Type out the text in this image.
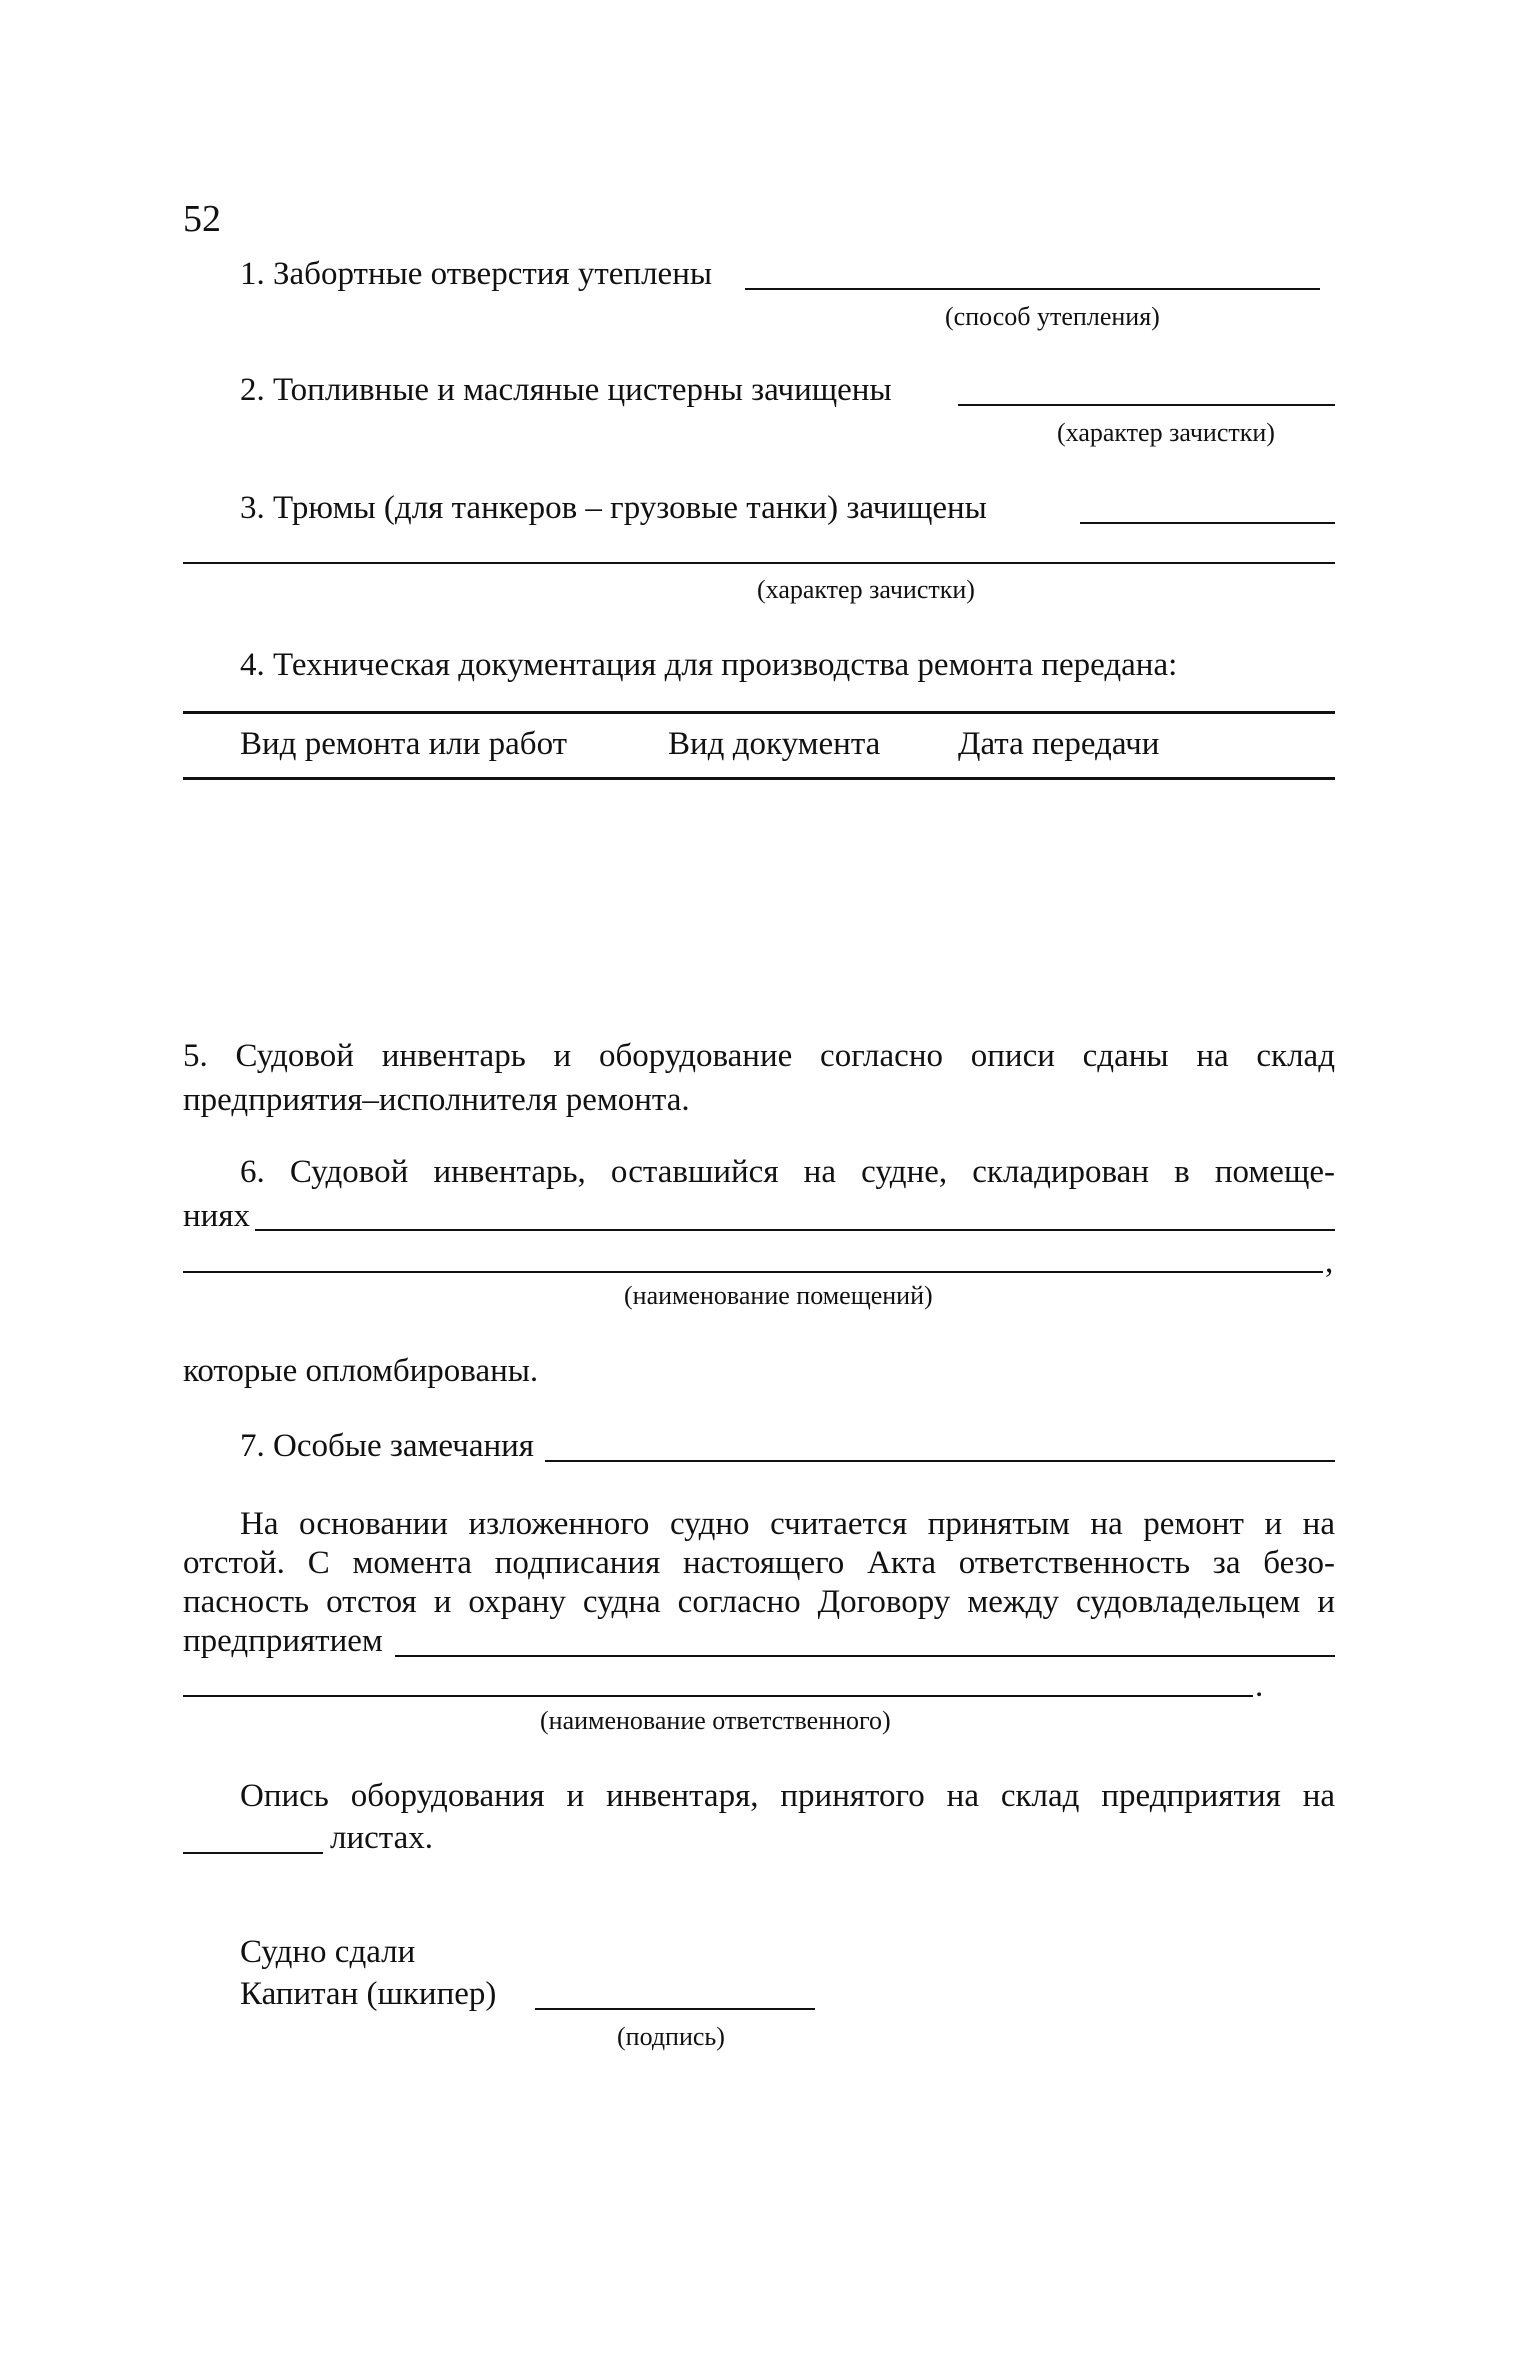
52
1. Забортные отверстия утеплены
(способ утепления)
2. Топливные и масляные цистерны зачищены
(характер зачистки)
3. Трюмы (для танкеров – грузовые танки) зачищены
(характер зачистки)
4. Техническая документация для производства ремонта передана:
Вид ремонта или работ	Вид документа Дата передачи
5. Судовой инвентарь и оборудование согласно описи сданы на склад
предприятия–исполнителя ремонта.
6. Судовой инвентарь, оставшийся на судне, складирован в помеще-
ниях
,
(наименование помещений)
которые опломбированы.
7. Особые замечания
На основании изложенного судно считается принятым на ремонт и на
отстой. С момента подписания настоящего Акта ответственность за безо-
пасность отстоя и охрану судна согласно Договору между судовладельцем и
предприятием
.
(наименование ответственного)
Опись оборудования и инвентаря, принятого на склад предприятия на
листах.
Судно сдали
Капитан (шкипер)
(подпись)
